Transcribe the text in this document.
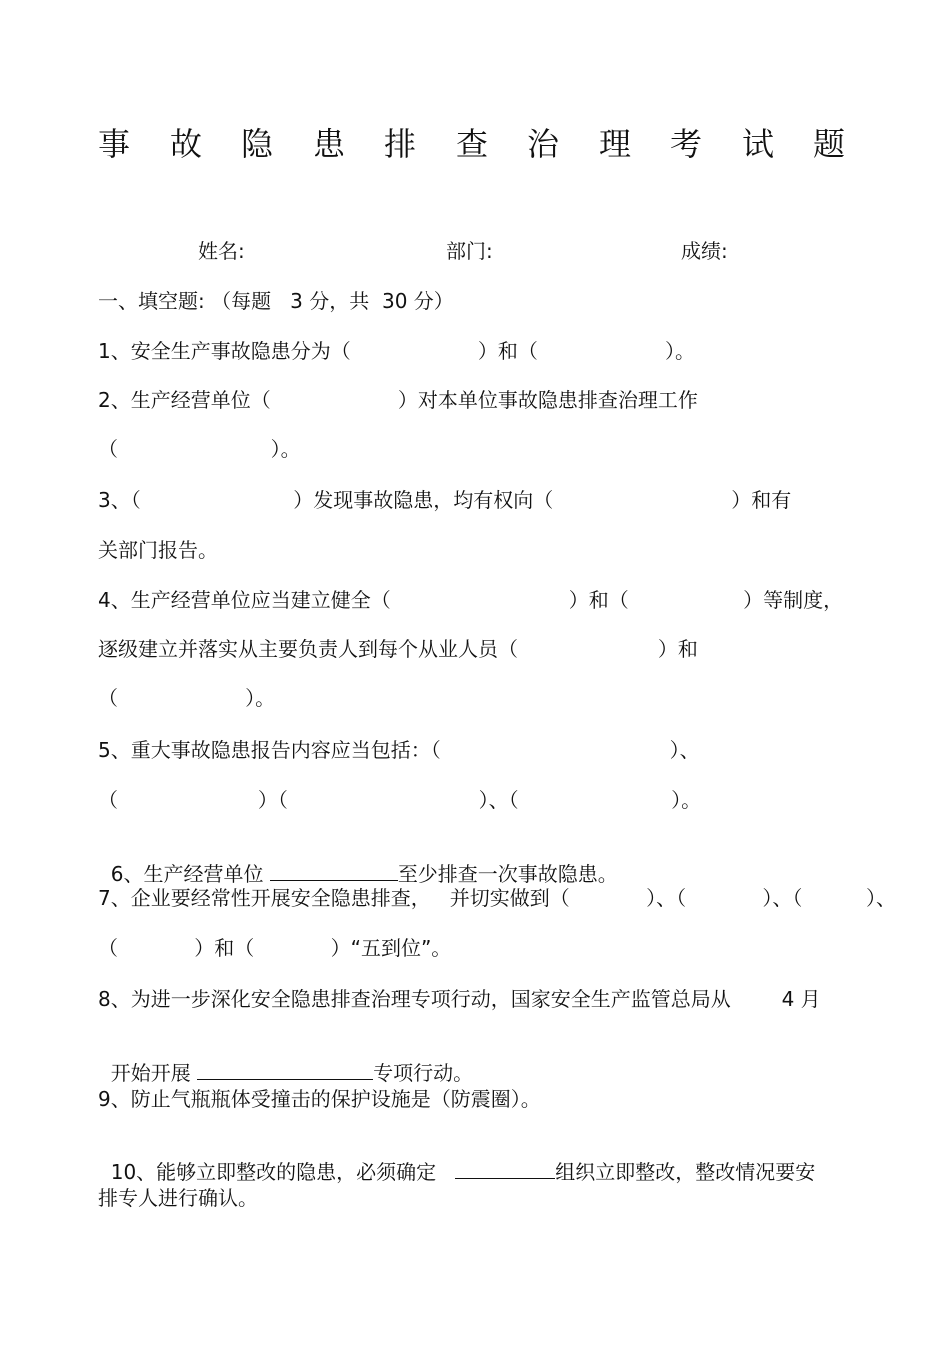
事 故 隐 患 排 查 治 理 考 试 题
姓名:	部门:	成绩:
一、填空题: （每题   3 分，共  30 分）
1、安全生产事故隐患分为（                    ）和（                    ）。
2、生产经营单位（                    ）对本单位事故隐患排查治理工作
（                        ）。
3、（                        ）发现事故隐患，均有权向（                            ）和有
关部门报告。
4、生产经营单位应当建立健全（                            ）和（                  ）等制度，
逐级建立并落实从主要负责人到每个从业人员（                      ）和
（                    ）。
5、重大事故隐患报告内容应当包括：（                                    ）、
（                      ）（                              ）、（                        ）。

6、生产经营单位	至少排查一次事故隐患。

7、企业要经常性开展安全隐患排查，   并切实做到（            ）、（            ）、（          ）、
（            ）和（            ）“五到位”。
8、为进一步深化安全隐患排查治理专项行动，国家安全生产监管总局从        4 月

开始开展	专项行动。

9、防止气瓶瓶体受撞击的保护设施是（防震圈）。

10、能够立即整改的隐患，必须确定	组织立即整改，整改情况要安

排专人进行确认。
